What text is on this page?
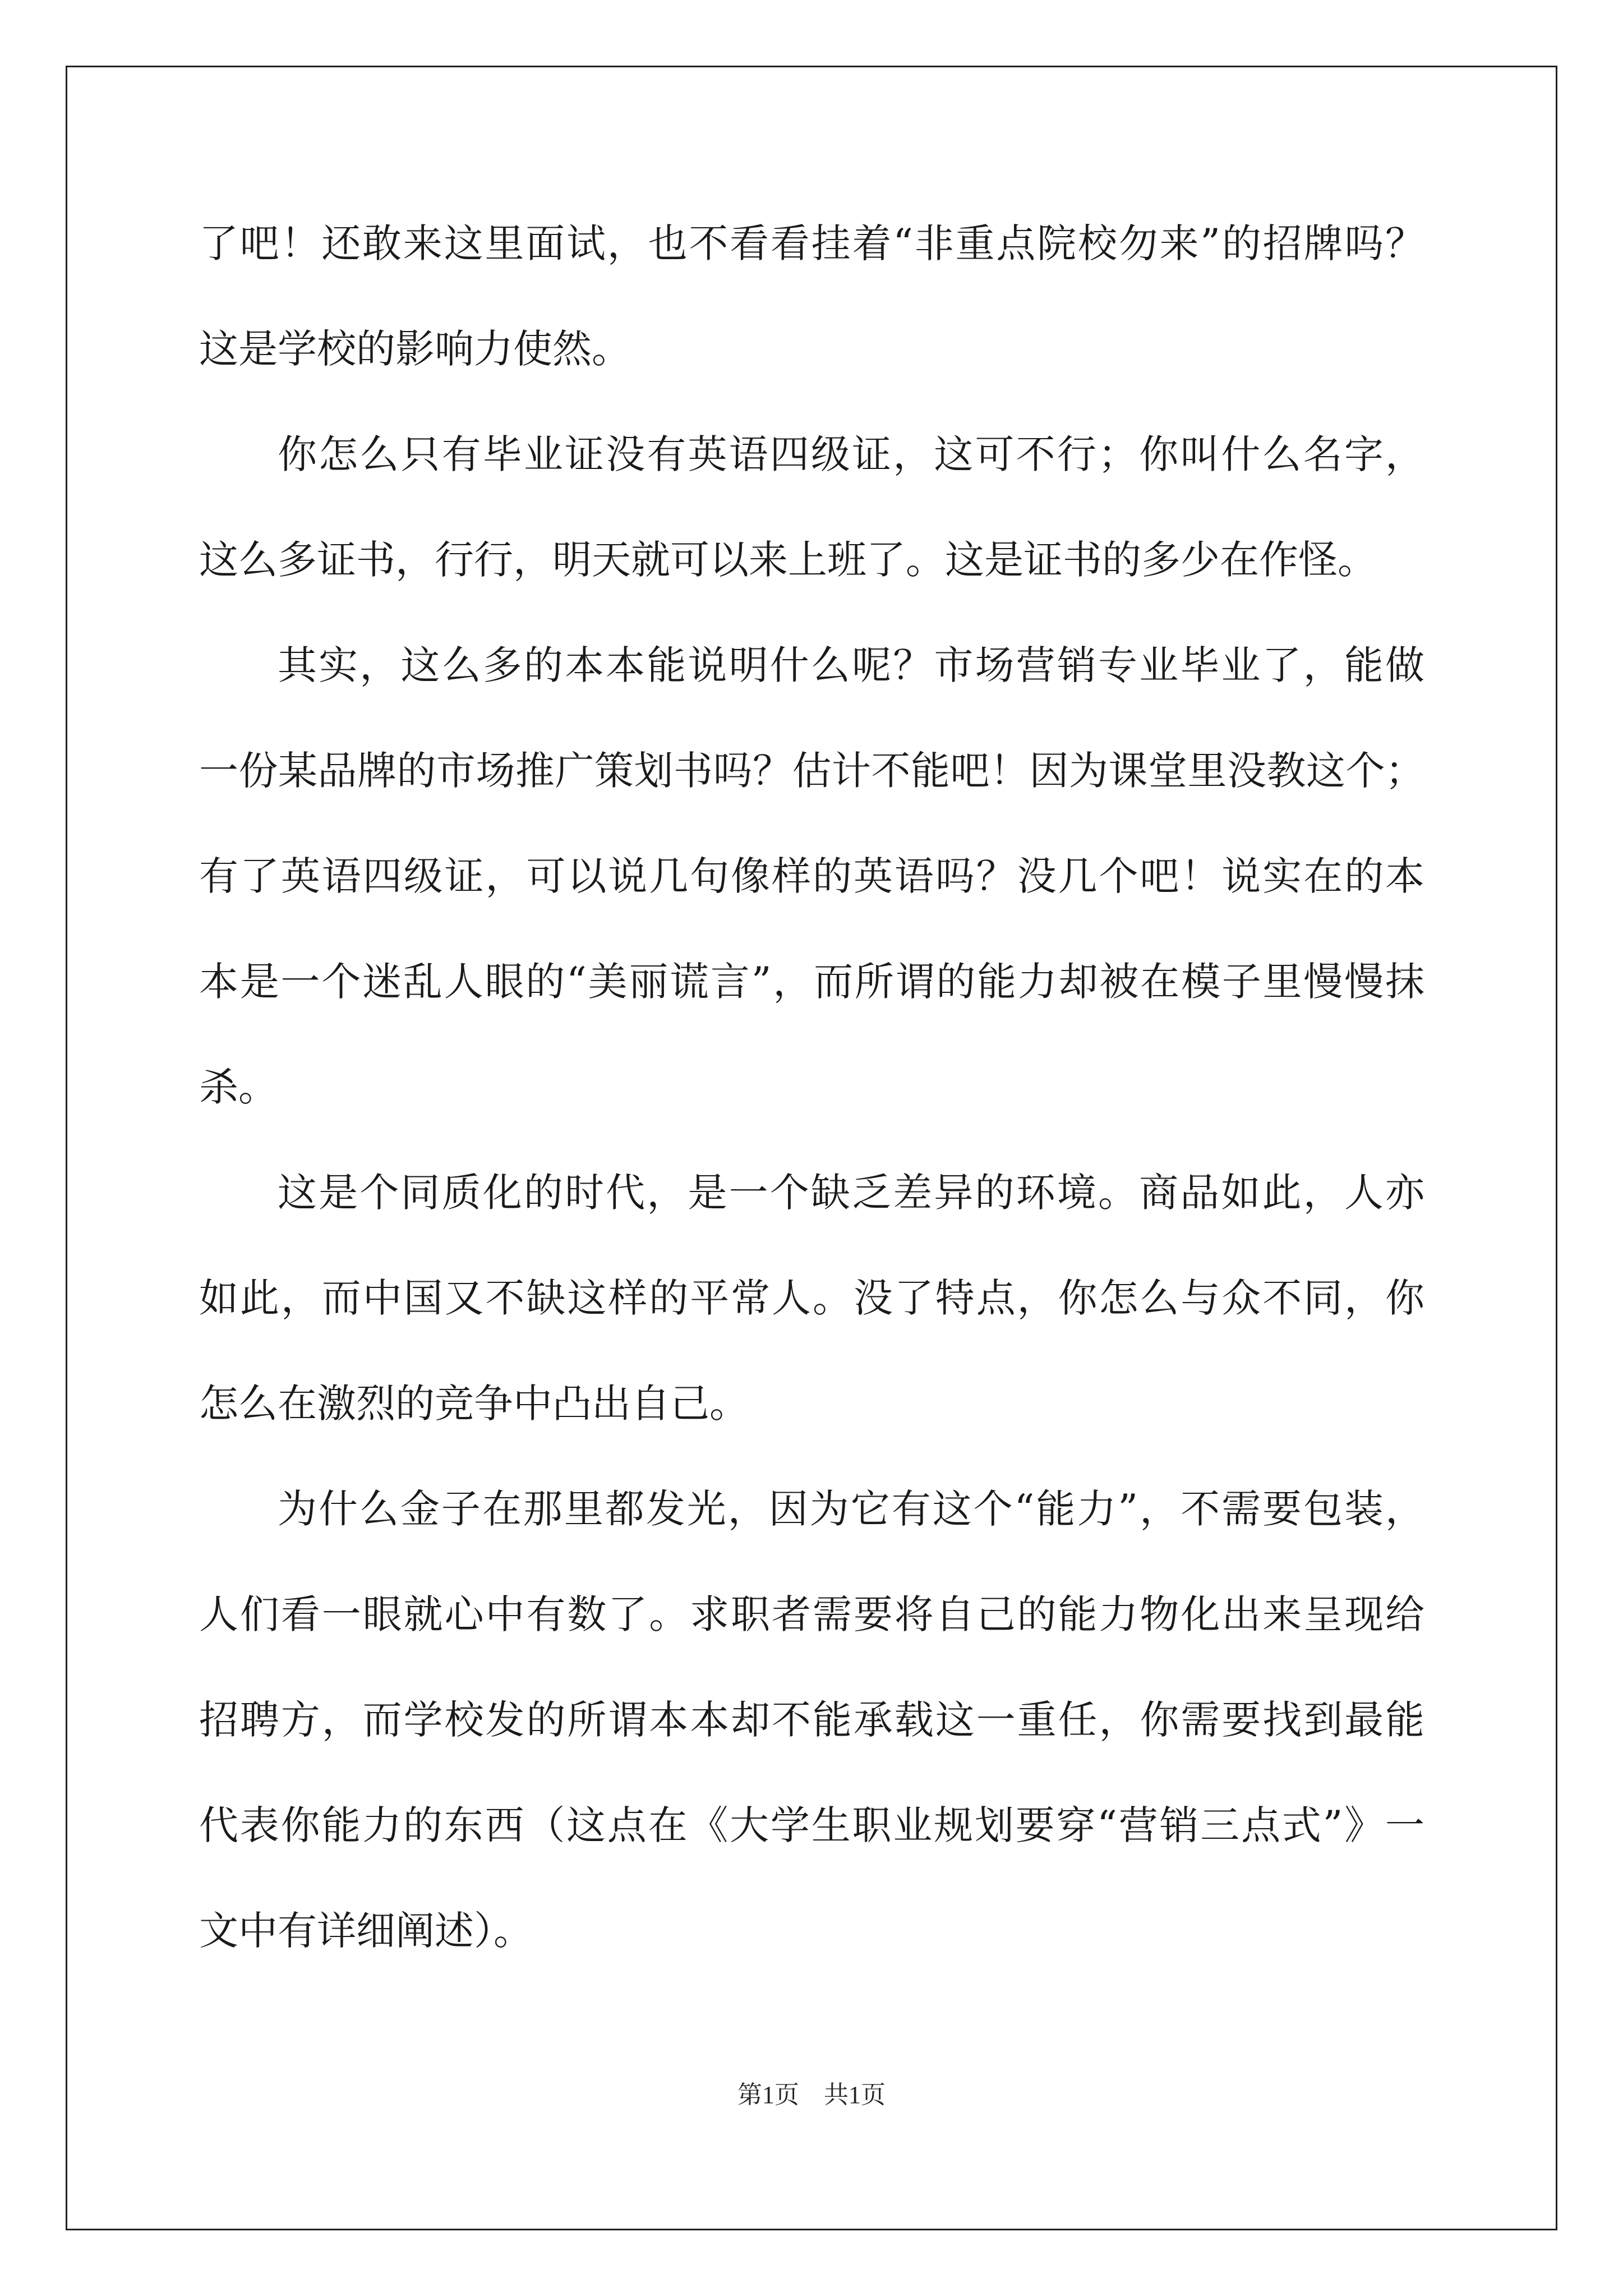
了吧！还敢来这里面试，也不看看挂着“非重点院校勿来”的招牌吗？
这是学校的影响力使然。
你怎么只有毕业证没有英语四级证，这可不行；你叫什么名字，
这么多证书，行行，明天就可以来上班了。这是证书的多少在作怪。
其实，这么多的本本能说明什么呢？市场营销专业毕业了，能做
一份某品牌的市场推广策划书吗？估计不能吧！因为课堂里没教这个；
有了英语四级证，可以说几句像样的英语吗？没几个吧！说实在的本
本是一个迷乱人眼的“美丽谎言”，而所谓的能力却被在模子里慢慢抹
杀。
这是个同质化的时代，是一个缺乏差异的环境。商品如此，人亦
如此，而中国又不缺这样的平常人。没了特点，你怎么与众不同，你
怎么在激烈的竞争中凸出自己。
为什么金子在那里都发光，因为它有这个“能力”，不需要包装，
人们看一眼就心中有数了。求职者需要将自己的能力物化出来呈现给
招聘方，而学校发的所谓本本却不能承载这一重任，你需要找到最能
代表你能力的东西（这点在《大学生职业规划要穿“营销三点式”》一
文中有详细阐述）。
第1页　共1页
